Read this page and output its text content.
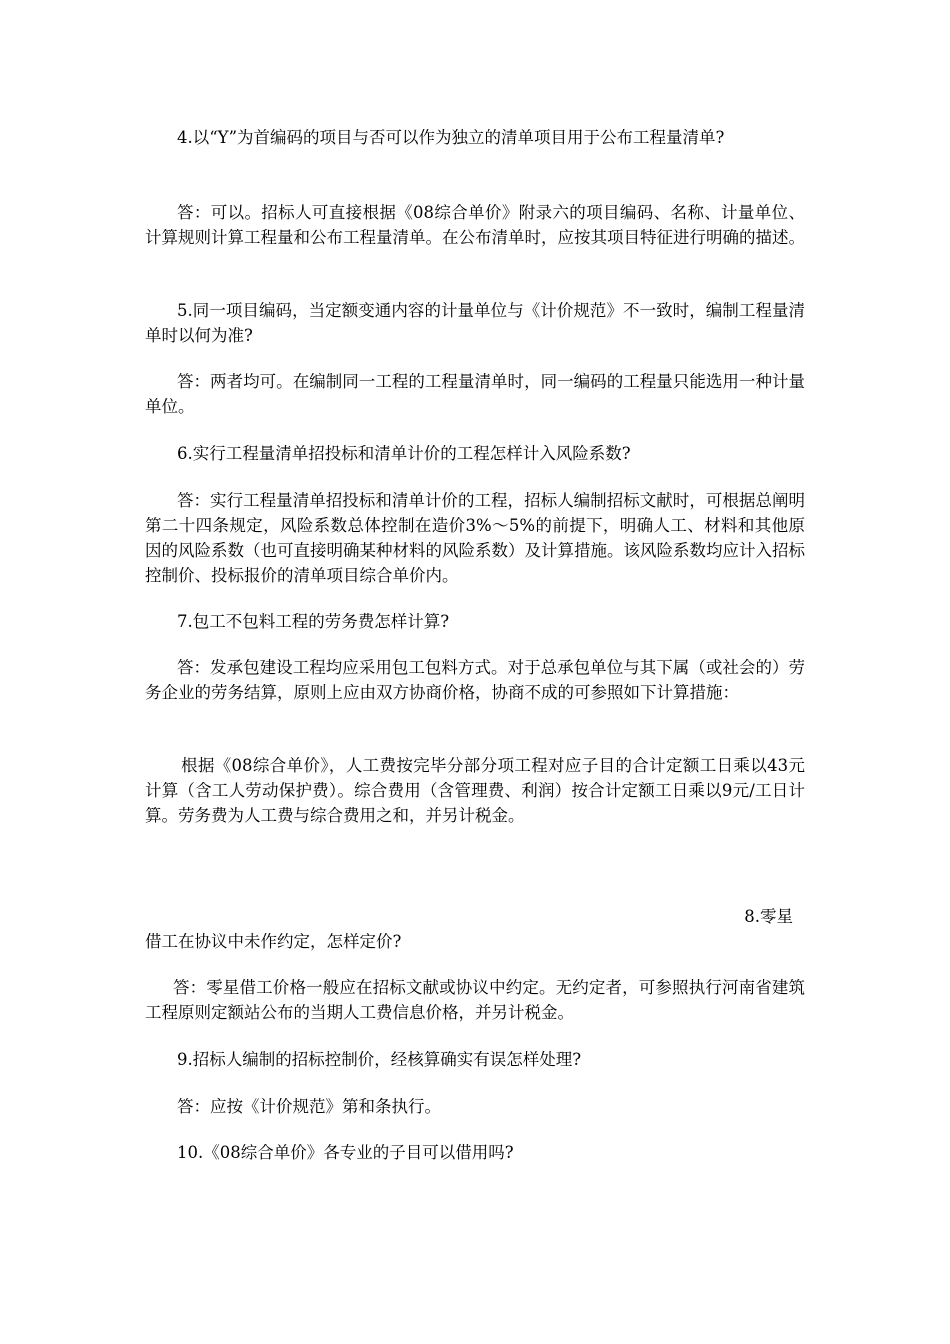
4.以“Y”为首编码的项目与否可以作为独立的清单项目用于公布工程量清单?

答：可以。招标人可直接根据《08综合单价》附录六的项目编码、名称、计量单位、计算规则计算工程量和公布工程量清单。在公布清单时，应按其项目特征进行明确的描述。

5.同一项目编码，当定额变通内容的计量单位与《计价规范》不一致时，编制工程量清单时以何为准?

答：两者均可。在编制同一工程的工程量清单时，同一编码的工程量只能选用一种计量单位。

6.实行工程量清单招投标和清单计价的工程怎样计入风险系数?

答：实行工程量清单招投标和清单计价的工程，招标人编制招标文献时，可根据总阐明第二十四条规定，风险系数总体控制在造价3%～5%的前提下，明确人工、材料和其他原因的风险系数（也可直接明确某种材料的风险系数）及计算措施。该风险系数均应计入招标控制价、投标报价的清单项目综合单价内。

7.包工不包料工程的劳务费怎样计算?

答：发承包建设工程均应采用包工包料方式。对于总承包单位与其下属（或社会的）劳务企业的劳务结算，原则上应由双方协商价格，协商不成的可参照如下计算措施：

根据《08综合单价》，人工费按完毕分部分项工程对应子目的合计定额工日乘以43元计算（含工人劳动保护费）。综合费用（含管理费、利润）按合计定额工日乘以9元/工日计算。劳务费为人工费与综合费用之和，并另计税金。

8.零星

借工在协议中未作约定，怎样定价?

答：零星借工价格一般应在招标文献或协议中约定。无约定者，可参照执行河南省建筑工程原则定额站公布的当期人工费信息价格，并另计税金。

9.招标人编制的招标控制价，经核算确实有误怎样处理?

答：应按《计价规范》第和条执行。

10.《08综合单价》各专业的子目可以借用吗?
